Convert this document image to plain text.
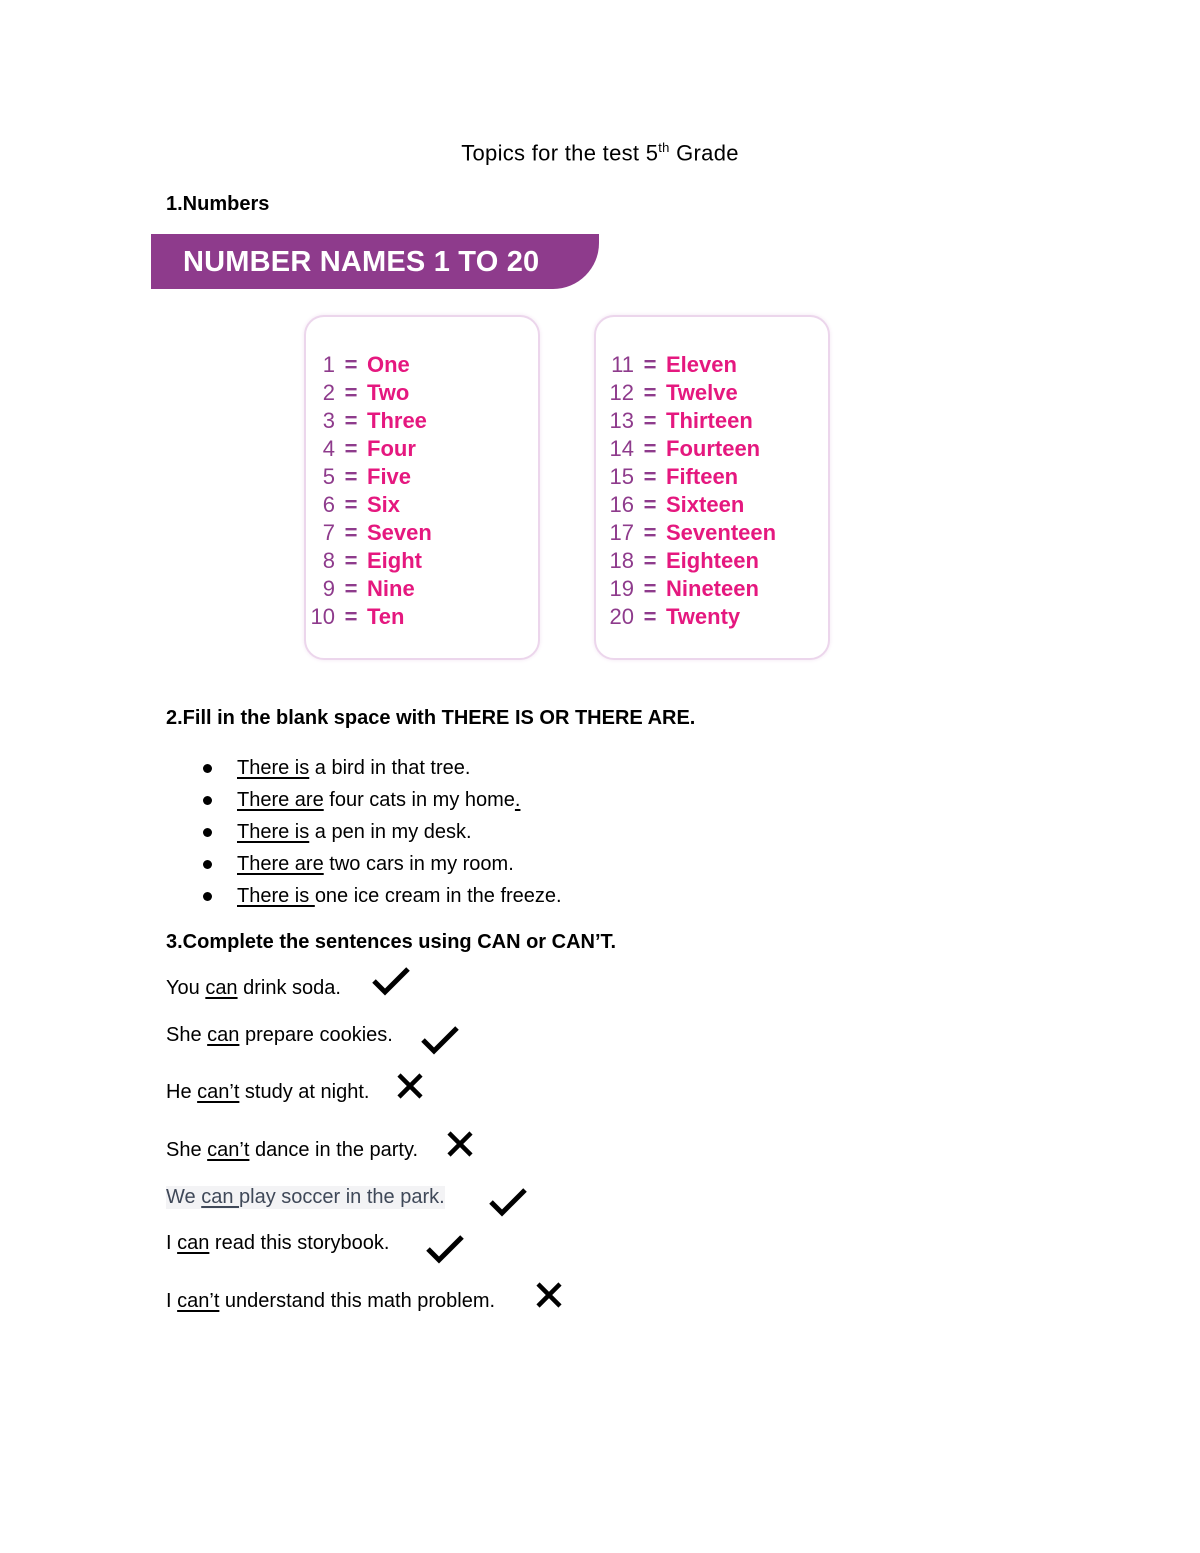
Topics for the test 5th Grade
1.Numbers
NUMBER NAMES 1 TO 20
1 = One
2 = Two
3 = Three
4 = Four
5 = Five
6 = Six
7 = Seven
8 = Eight
9 = Nine
10 = Ten
11 = Eleven
12 = Twelve
13 = Thirteen
14 = Fourteen
15 = Fifteen
16 = Sixteen
17 = Seventeen
18 = Eighteen
19 = Nineteen
20 = Twenty
2.Fill in the blank space with THERE IS OR THERE ARE.
There is a bird in that tree.
There are four cats in my home.
There is a pen in my desk.
There are two cars in my room.
There is one ice cream in the freeze.
3.Complete the sentences using CAN or CAN’T.
You can drink soda.
She can prepare cookies.
He can’t study at night.
She can’t dance in the party.
We can play soccer in the park.
I can read this storybook.
I can’t understand this math problem.
